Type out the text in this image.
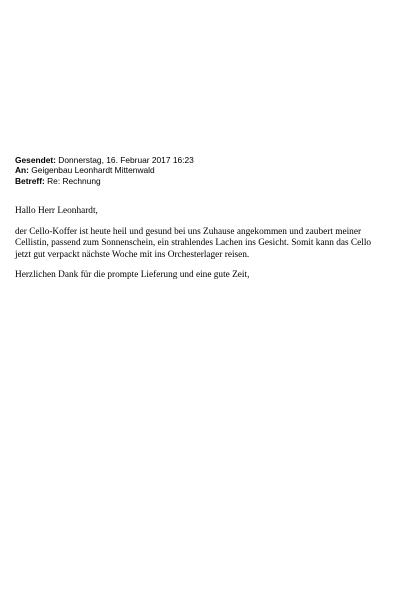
Gesendet: Donnerstag, 16. Februar 2017 16:23
An: Geigenbau Leonhardt Mittenwald
Betreff: Re: Rechnung

Hallo Herr Leonhardt,

der Cello-Koffer ist heute heil und gesund bei uns Zuhause angekommen und zaubert meiner Cellistin, passend zum Sonnenschein, ein strahlendes Lachen ins Gesicht. Somit kann das Cello jetzt gut verpackt nächste Woche mit ins Orchesterlager reisen.

Herzlichen Dank für die prompte Lieferung und eine gute Zeit,
